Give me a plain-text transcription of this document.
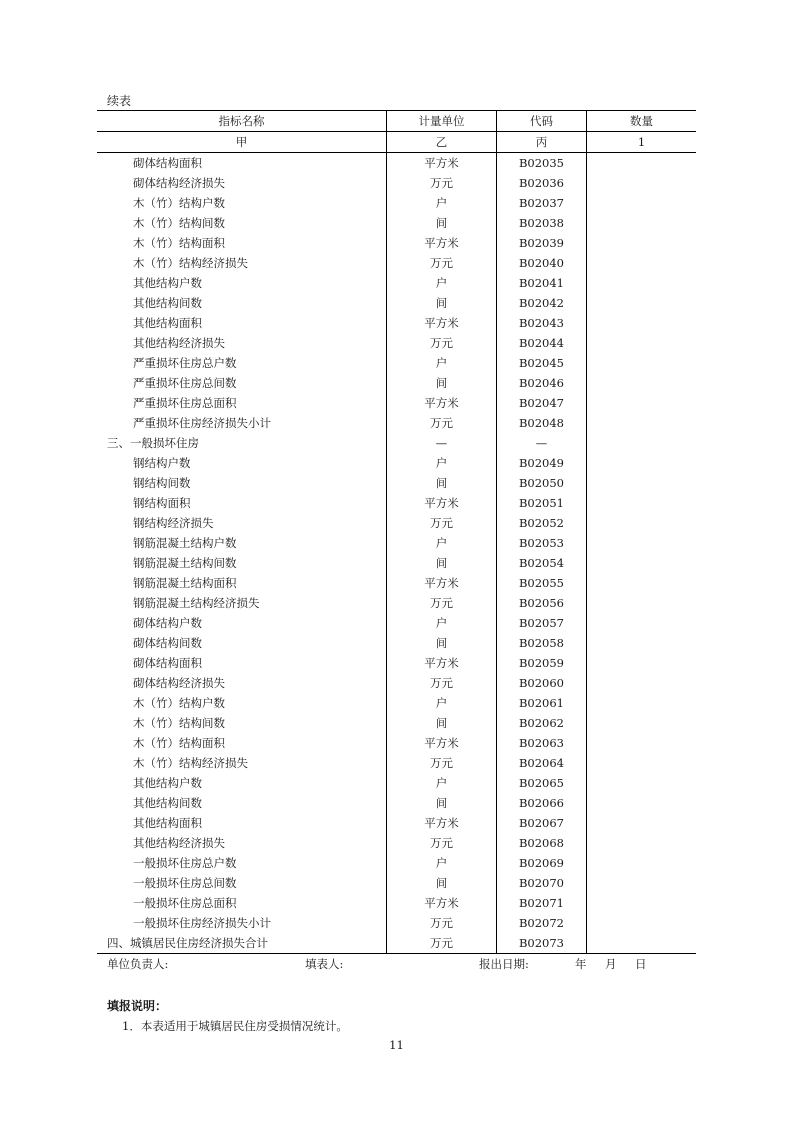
续表
指标名称	计量单位	代码	数量
甲	乙	丙	1
砌体结构面积	平方米	B02035	
砌体结构经济损失	万元	B02036	
木（竹）结构户数	户	B02037	
木（竹）结构间数	间	B02038	
木（竹）结构面积	平方米	B02039	
木（竹）结构经济损失	万元	B02040	
其他结构户数	户	B02041	
其他结构间数	间	B02042	
其他结构面积	平方米	B02043	
其他结构经济损失	万元	B02044	
严重损坏住房总户数	户	B02045	
严重损坏住房总间数	间	B02046	
严重损坏住房总面积	平方米	B02047	
严重损坏住房经济损失小计	万元	B02048	
三、一般损坏住房	—	—	
钢结构户数	户	B02049	
钢结构间数	间	B02050	
钢结构面积	平方米	B02051	
钢结构经济损失	万元	B02052	
钢筋混凝土结构户数	户	B02053	
钢筋混凝土结构间数	间	B02054	
钢筋混凝土结构面积	平方米	B02055	
钢筋混凝土结构经济损失	万元	B02056	
砌体结构户数	户	B02057	
砌体结构间数	间	B02058	
砌体结构面积	平方米	B02059	
砌体结构经济损失	万元	B02060	
木（竹）结构户数	户	B02061	
木（竹）结构间数	间	B02062	
木（竹）结构面积	平方米	B02063	
木（竹）结构经济损失	万元	B02064	
其他结构户数	户	B02065	
其他结构间数	间	B02066	
其他结构面积	平方米	B02067	
其他结构经济损失	万元	B02068	
一般损坏住房总户数	户	B02069	
一般损坏住房总间数	间	B02070	
一般损坏住房总面积	平方米	B02071	
一般损坏住房经济损失小计	万元	B02072	
四、城镇居民住房经济损失合计	万元	B02073	
单位负责人:	填表人:	报出日期:	年 月 日
填报说明：
1．本表适用于城镇居民住房受损情况统计。
11
